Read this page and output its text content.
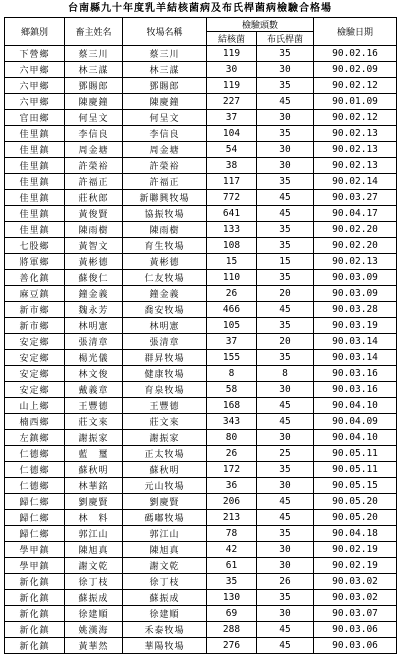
台南縣九十年度乳羊結核菌病及布氏桿菌病檢驗合格場
鄉鎮別	畜主姓名	牧場名稱	檢驗頭數		檢驗日期
			結核菌	布氏桿菌	
下營鄉	蔡三川	蔡三川	119	35	90.02.16
六甲鄉	林三謀	林三謀	30	30	90.02.09
六甲鄉	鄧賜郎	鄧賜郎	119	35	90.02.12
六甲鄉	陳慶鐘	陳慶鐘	227	45	90.01.09
官田鄉	何呈文	何呈文	37	30	90.02.12
佳里鎮	李信良	李信良	104	35	90.02.13
佳里鎮	周金塘	周金塘	54	30	90.02.13
佳里鎮	許榮裕	許榮裕	38	30	90.02.13
佳里鎮	許福正	許福正	117	35	90.02.14
佳里鎮	莊秋郎	新聯興牧場	772	45	90.03.27
佳里鎮	黃俊賢	協振牧場	641	45	90.04.17
佳里鎮	陳雨樹	陳雨樹	133	35	90.02.20
七股鄉	黃智文	育生牧場	108	35	90.02.20
將軍鄉	黃彬德	黃彬德	15	15	90.02.13
善化鎮	蘇俊仁	仁友牧場	110	35	90.03.09
麻豆鎮	鐘金義	鐘金義	26	20	90.03.09
新市鄉	魏永芳	喬安牧場	466	45	90.03.28
新市鄉	林明憲	林明憲	105	35	90.03.19
安定鄉	張清章	張清章	37	20	90.03.14
安定鄉	楊光儀	群昇牧場	155	35	90.03.14
安定鄉	林文俊	健康牧場	8	8	90.03.16
安定鄉	戴義章	育泉牧場	58	30	90.03.16
山上鄉	王豐德	王豐德	168	45	90.04.10
楠西鄉	莊文來	莊文來	343	45	90.04.09
左鎮鄉	謝振家	謝振家	80	30	90.04.10
仁德鄉	藍　璽	正太牧場	26	25	90.05.11
仁德鄉	蘇秋明	蘇秋明	172	35	90.05.11
仁德鄉	林華銘	元山牧場	36	30	90.05.15
歸仁鄉	劉慶賢	劉慶賢	206	45	90.05.20
歸仁鄉	林　料	碼嘟牧場	213	45	90.05.20
歸仁鄉	郭江山	郭江山	78	35	90.04.18
學甲鎮	陳旭真	陳旭真	42	30	90.02.19
學甲鎮	謝文乾	謝文乾	61	30	90.02.19
新化鎮	徐丁枝	徐丁枝	35	26	90.03.02
新化鎮	蘇振成	蘇振成	130	35	90.03.02
新化鎮	徐建順	徐建順	69	30	90.03.07
新化鎮	姚漢海	禾泰牧場	288	45	90.03.06
新化鎮	黃華然	華陽牧場	276	45	90.03.06
